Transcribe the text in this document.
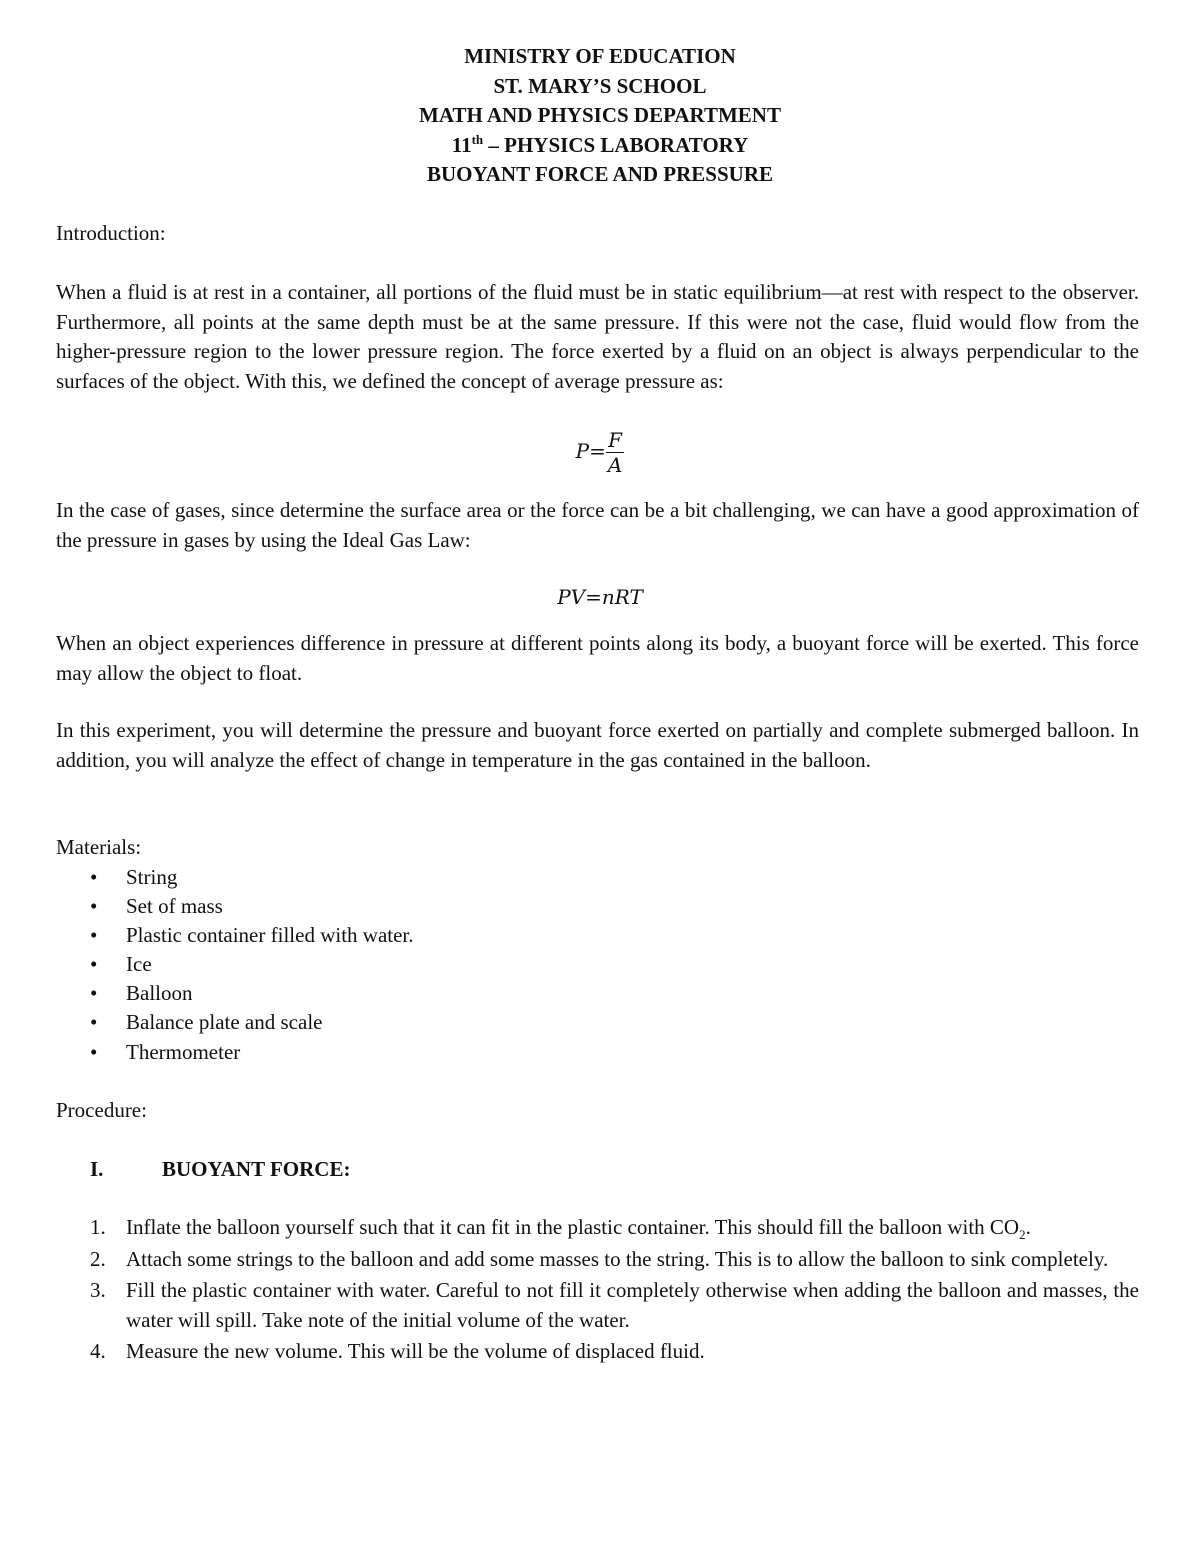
MINISTRY OF EDUCATION
ST. MARY’S SCHOOL
MATH AND PHYSICS DEPARTMENT
11th – PHYSICS LABORATORY
BUOYANT FORCE AND PRESSURE
Introduction:
When a fluid is at rest in a container, all portions of the fluid must be in static equilibrium—at rest with respect to the observer. Furthermore, all points at the same depth must be at the same pressure. If this were not the case, fluid would flow from the higher-pressure region to the lower pressure region. The force exerted by a fluid on an object is always perpendicular to the surfaces of the object. With this, we defined the concept of average pressure as:
$P= \frac{F}{A}$
In the case of gases, since determine the surface area or the force can be a bit challenging, we can have a good approximation of the pressure in gases by using the Ideal Gas Law:
PV=nRT
When an object experiences difference in pressure at different points along its body, a buoyant force will be exerted. This force may allow the object to float.
In this experiment, you will determine the pressure and buoyant force exerted on partially and complete submerged balloon. In addition, you will analyze the effect of change in temperature in the gas contained in the balloon.
Materials:
• String
• Set of mass
• Plastic container filled with water.
• Ice
• Balloon
• Balance plate and scale
• Thermometer
Procedure:
I.	BUOYANT FORCE:
1. Inflate the balloon yourself such that it can fit in the plastic container. This should fill the balloon with $CO_2$.
2. Attach some strings to the balloon and add some masses to the string. This is to allow the balloon to sink completely.
3. Fill the plastic container with water. Careful to not fill it completely otherwise when adding the balloon and masses, the water will spill. Take note of the initial volume of the water.
4. Measure the new volume. This will be the volume of displaced fluid.
